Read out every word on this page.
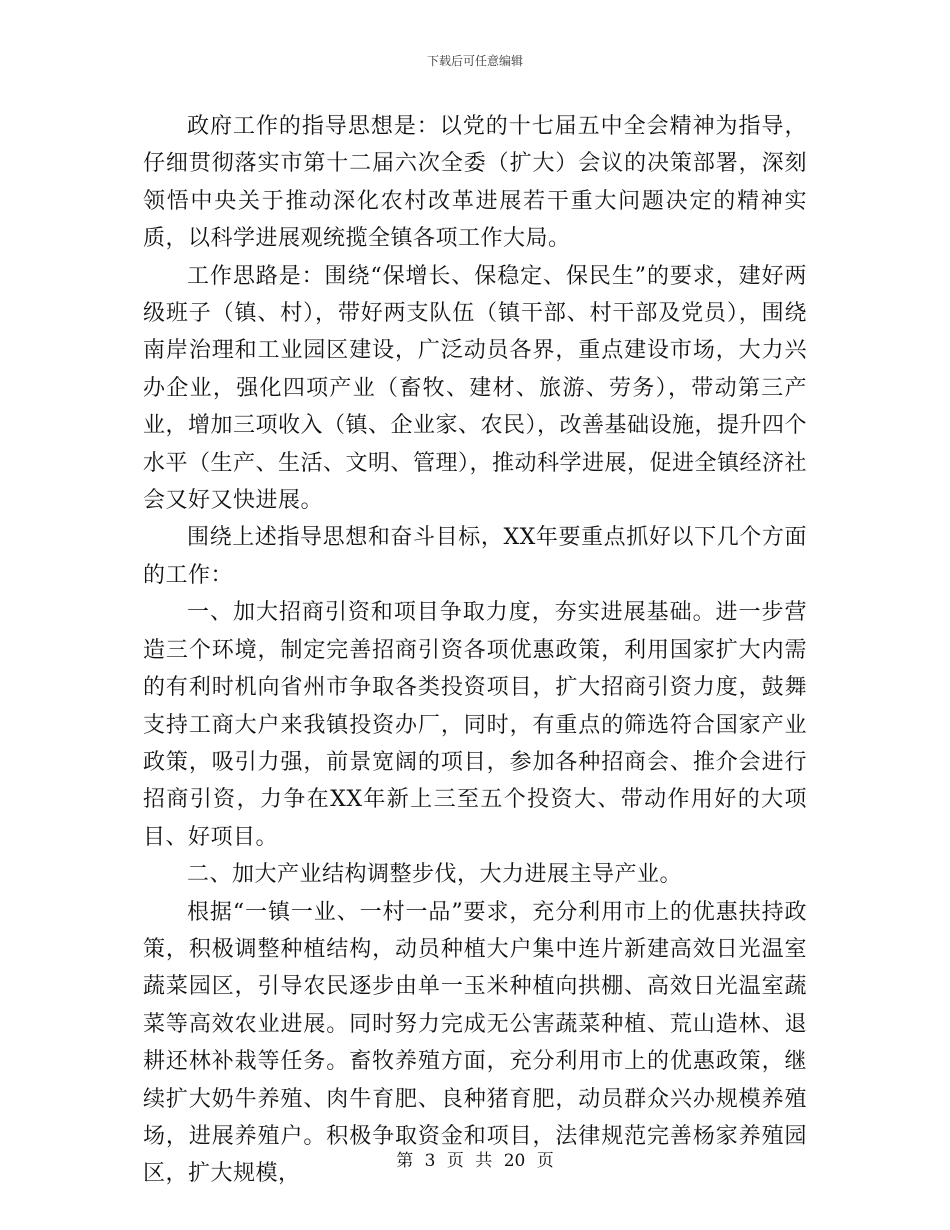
下载后可任意编辑

政府工作的指导思想是：以党的十七届五中全会精神为指导，仔细贯彻落实市第十二届六次全委（扩大）会议的决策部署，深刻领悟中央关于推动深化农村改革进展若干重大问题决定的精神实质，以科学进展观统揽全镇各项工作大局。

工作思路是：围绕“保增长、保稳定、保民生”的要求，建好两级班子（镇、村），带好两支队伍（镇干部、村干部及党员），围绕南岸治理和工业园区建设，广泛动员各界，重点建设市场，大力兴办企业，强化四项产业（畜牧、建材、旅游、劳务），带动第三产业，增加三项收入（镇、企业家、农民），改善基础设施，提升四个水平（生产、生活、文明、管理），推动科学进展，促进全镇经济社会又好又快进展。

围绕上述指导思想和奋斗目标，XX年要重点抓好以下几个方面的工作：

一、加大招商引资和项目争取力度，夯实进展基础。进一步营造三个环境，制定完善招商引资各项优惠政策，利用国家扩大内需的有利时机向省州市争取各类投资项目，扩大招商引资力度，鼓舞支持工商大户来我镇投资办厂，同时，有重点的筛选符合国家产业政策，吸引力强，前景宽阔的项目，参加各种招商会、推介会进行招商引资，力争在XX年新上三至五个投资大、带动作用好的大项目、好项目。

二、加大产业结构调整步伐，大力进展主导产业。

根据“一镇一业、一村一品”要求，充分利用市上的优惠扶持政策，积极调整种植结构，动员种植大户集中连片新建高效日光温室蔬菜园区，引导农民逐步由单一玉米种植向拱棚、高效日光温室蔬菜等高效农业进展。同时努力完成无公害蔬菜种植、荒山造林、退耕还林补栽等任务。畜牧养殖方面，充分利用市上的优惠政策，继续扩大奶牛养殖、肉牛育肥、良种猪育肥，动员群众兴办规模养殖场，进展养殖户。积极争取资金和项目，法律规范完善杨家养殖园区，扩大规模，

第 3 页 共 20 页
